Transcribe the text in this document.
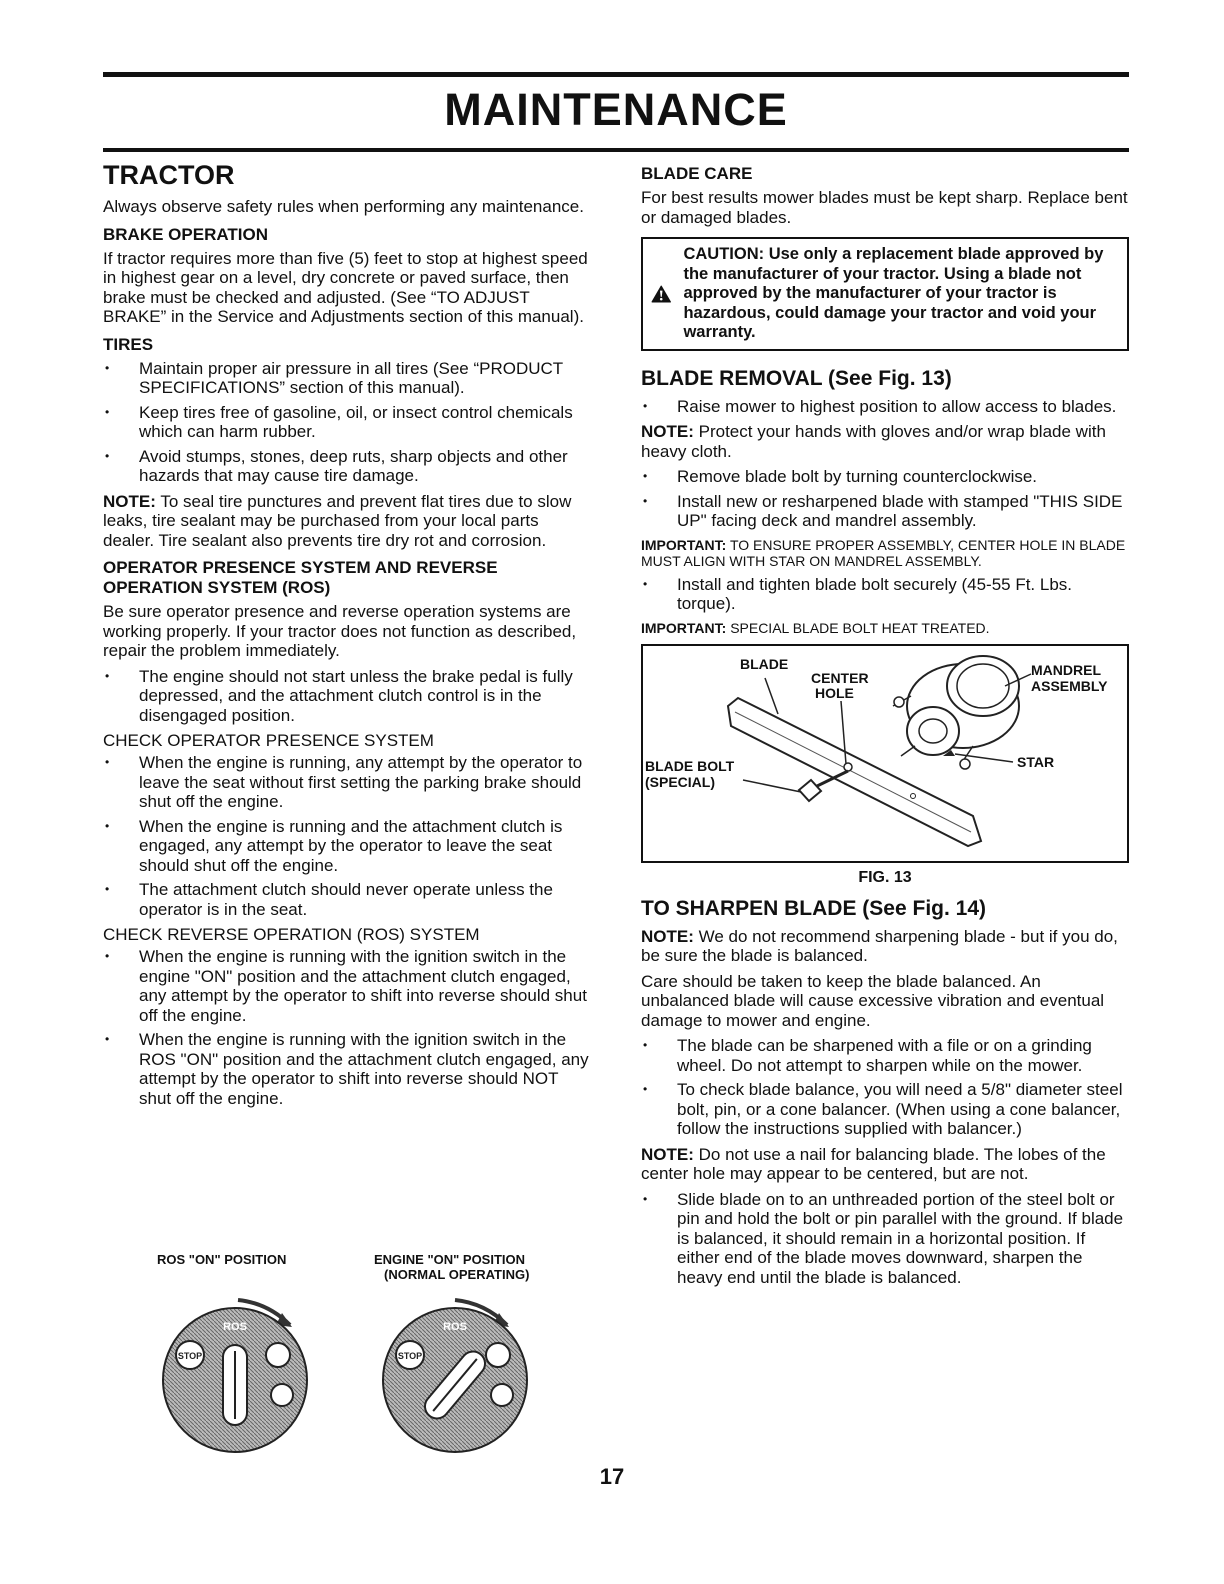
MAINTENANCE
TRACTOR

Always observe safety rules when performing any maintenance.

BRAKE OPERATION

If tractor requires more than five (5) feet to stop at highest speed in highest gear on a level, dry concrete or paved surface, then brake must be checked and adjusted. (See “TO ADJUST BRAKE” in the Service and Adjustments section of this manual).

TIRES
• Maintain proper air pressure in all tires (See “PRODUCT SPECIFICATIONS” section of this manual).
• Keep tires free of gasoline, oil, or insect control chemicals which can harm rubber.
• Avoid stumps, stones, deep ruts, sharp objects and other hazards that may cause tire damage.

NOTE: To seal tire punctures and prevent flat tires due to slow leaks, tire sealant may be purchased from your local parts dealer. Tire sealant also prevents tire dry rot and corrosion.

OPERATOR PRESENCE SYSTEM AND REVERSE OPERATION SYSTEM (ROS)

Be sure operator presence and reverse operation systems are working properly. If your tractor does not function as described, repair the problem immediately.

• The engine should not start unless the brake pedal is fully depressed, and the attachment clutch control is in the disengaged position.
CHECK OPERATOR PRESENCE SYSTEM
• When the engine is running, any attempt by the operator to leave the seat without first setting the parking brake should shut off the engine.
• When the engine is running and the attachment clutch is engaged, any attempt by the operator to leave the seat should shut off the engine.
• The attachment clutch should never operate unless the operator is in the seat.
CHECK REVERSE OPERATION (ROS) SYSTEM
• When the engine is running with the ignition switch in the engine "ON" position and the attachment clutch engaged, any attempt by the operator to shift into reverse should shut off the engine.
• When the engine is running with the ignition switch in the ROS "ON" position and the attachment clutch engaged, any attempt by the operator to shift into reverse should NOT shut off the engine.
ROS "ON" POSITION	ENGINE "ON" POSITION
(NORMAL OPERATING)
ROS
STOP
ROS
STOP
BLADE CARE

For best results mower blades must be kept sharp. Replace bent or damaged blades.

CAUTION: Use only a replacement blade approved by the manufacturer of your tractor. Using a blade not approved by the manufacturer of your tractor is hazardous, could damage your tractor and void your warranty.
BLADE REMOVAL (See Fig. 13)
• Raise mower to highest position to allow access to blades.

NOTE: Protect your hands with gloves and/or wrap blade with heavy cloth.

• Remove blade bolt by turning counterclockwise.
• Install new or resharpened blade with stamped "THIS SIDE UP" facing deck and mandrel assembly.

IMPORTANT: TO ENSURE PROPER ASSEMBLY, CENTER HOLE IN BLADE MUST ALIGN WITH STAR ON MANDREL ASSEMBLY.

• Install and tighten blade bolt securely (45-55 Ft. Lbs. torque).

IMPORTANT: SPECIAL BLADE BOLT HEAT TREATED.

BLADE
CENTER
HOLE
MANDREL
ASSEMBLY
STAR
BLADE BOLT
(SPECIAL)
FIG. 13
TO SHARPEN BLADE (See Fig. 14)

NOTE: We do not recommend sharpening blade - but if you do, be sure the blade is balanced.

Care should be taken to keep the blade balanced. An unbalanced blade will cause excessive vibration and eventual damage to mower and engine.

• The blade can be sharpened with a file or on a grinding wheel. Do not attempt to sharpen while on the mower.
• To check blade balance, you will need a 5/8" diameter steel bolt, pin, or a cone balancer. (When using a cone balancer, follow the instructions supplied with balancer.)

NOTE: Do not use a nail for balancing blade. The lobes of the center hole may appear to be centered, but are not.

• Slide blade on to an unthreaded portion of the steel bolt or pin and hold the bolt or pin parallel with the ground. If blade is balanced, it should remain in a horizontal position. If either end of the blade moves downward, sharpen the heavy end until the blade is balanced.
17
